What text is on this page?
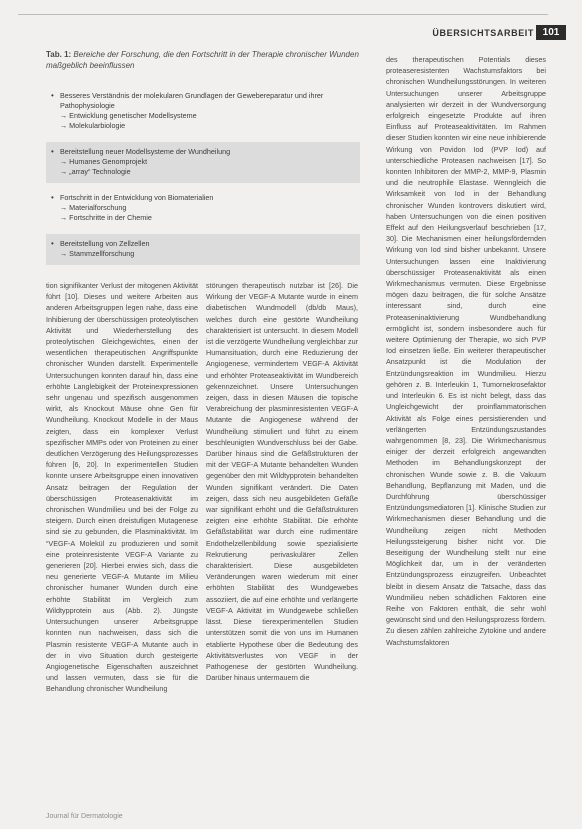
ÜBERSICHTSARBEIT 101
Tab. 1: Bereiche der Forschung, die den Fortschritt in der Therapie chronischer Wunden maßgeblich beeinflussen
• Besseres Verständnis der molekularen Grundlagen der Gewebereparatur und ihrer Pathophysiologie
→ Entwicklung genetischer Modellsysteme
→ Molekularbiologie
• Bereitstellung neuer Modellsysteme der Wundheilung
→ Humanes Genomprojekt
→ „array“ Technologie
• Fortschritt in der Entwicklung von Biomaterialien
→ Materialforschung
→ Fortschritte in der Chemie
• Bereitstellung von Zellzellen
→ Stammzellforschung

tion signifikanter Verlust der mitogenen Aktivität führt [10]. Dieses und weitere Arbeiten aus anderen Arbeitsgruppen legen nahe, dass eine Inhibierung der überschüssigen proteolytischen Aktivität und Wiederherstellung des proteolytischen Gleichgewichtes, einen der wesentlichen therapeutischen Angriffspunkte chronischer Wunden darstellt. Experimentelle Untersuchungen konnten darauf hin, dass eine erhöhte Langlebigkeit der Proteinexpressionen sehr ungenau und spezifisch ausgenommen wirkt, als Knockout Mäuse ohne Gen für Wundheilung. Knockout Modelle in der Maus zeigten, dass ein komplexer Verlust spezifischer MMPs oder von Proteinen zu einer deutlichen Verzögerung des Heilungsprozesses führen [6, 20]. In experimentellen Studien konnte unsere Arbeitsgruppe einen innovativen Ansatz beitragen der Regulation der überschüssigen Proteasenaktivität im chronischen Wundmilieu und bei der Folge zu steigern. Durch einen dreistufigen Mutagenese sind sie zu gebunden, die Plasminaktivität. Im “VEGF-A Molekül zu produzieren und somit eine proteinresistente VEGF-A Variante zu generieren [20]. Hierbei erwies sich, dass die neu generierte VEGF-A Mutante im Milieu chronischer humaner Wunden durch eine erhöhte Stabilität im Vergleich zum Wildtypprotein aus (Abb. 2). Jüngste Untersuchungen unserer Arbeitsgruppe konnten nun nachweisen, dass sich die Plasmin resistente VEGF-A Mutante auch in der in vivo Situation durch gesteigerte Angiogenetische Eigenschaften auszeichnet und lassen vermuten, dass sie für die Behandlung chronischer Wundheilung

störungen therapeutisch nutzbar ist [26]. Die Wirkung der VEGF-A Mutante wurde in einem diabetischen Wundmodell (db/db Maus), welches durch eine gestörte Wundheilung charakterisiert ist untersucht. In diesem Modell ist die verzögerte Wundheilung vergleichbar zur Humansituation, durch eine Reduzierung der Angiogenese, vermindertem VEGF-A Aktivität und erhöhter Proteaseaktivität im Wundbereich gekennzeichnet. Unsere Untersuchungen zeigen, dass in diesen Mäusen die topische Verabreichung der plasminresistenten VEGF-A Mutante die Angiogenese während der Wundheilung stimuliert und führt zu einem beschleunigten Wundverschluss bei der Gabe. Darüber hinaus sind die Gefäßstrukturen der mit der VEGF-A Mutante behandelten Wunden gegenüber den mit Wildtypprotein behandelten Wunden signifikant verändert. Die Daten zeigen, dass sich neu ausgebildeten Gefäße war signifikant erhöht und die Gefäßstrukturen zeigten eine erhöhte Stabilität. Die erhöhte Gefäßstabilität war durch eine rudimentäre Endothelzellenbildung sowie spezialisierte Rekrutierung perivaskulärer Zellen charakterisiert. Diese ausgebildeten Veränderungen waren wiederum mit einer erhöhten Stabilität des Wundgewebes assoziiert, die auf eine erhöhte und verlängerte VEGF-A Aktivität im Wundgewebe schließen lässt. Diese tierexperimentellen Studien unterstützen somit die von uns im Humanen etablierte Hypothese über die Bedeutung des Aktivitätsverlustes von VEGF in der Pathogenese der gestörten Wundheilung. Darüber hinaus untermauern die

des therapeutischen Potentials dieses proteaseresistenten Wachstumsfaktors bei chronischen Wundheilungsstörungen. In weiteren Untersuchungen unserer Arbeitsgruppe analysierten wir derzeit in der Wundversorgung erfolgreich eingesetzte Produkte auf ihren Einfluss auf Proteaseaktivitäten. Im Rahmen dieser Studien konnten wir eine neue inhibierende Wirkung von Povidon Iod (PVP Iod) auf unterschiedliche Proteasen nachweisen [17]. So konnten Inhibitoren der MMP-2, MMP-9, Plasmin und die neutrophile Elastase. Wenngleich die Wirksamkeit von Iod in der Behandlung chronischer Wunden kontrovers diskutiert wird, haben Untersuchungen von die einen positiven Effekt auf den Heilungsverlauf beschrieben [17, 30]. Die Mechanismen einer heilungsfördernden Wirkung von Iod sind bisher unbekannt. Unsere Untersuchungen lassen eine Inaktivierung überschüssiger Proteasenaktivität als einen Wirkmechanismus vermuten. Diese Ergebnisse mögen dazu beitragen, die für solche Ansätze interessant sind, durch eine Proteaseninaktivierung Wundbehandlung ermöglicht ist, sondern insbesondere auch für weitere Optimierung der Therapie, wo sich PVP Iod einsetzen ließe. Ein weiterer therapeutischer Ansatzpunkt ist die Modulation der Entzündungsreaktion im Wundmilieu. Hierzu gehören z. B. Interleukin 1, Tumornekrosefaktor und Interleukin 6. Es ist nicht belegt, dass das Ungleichgewicht der proinflammatorischen Aktivität als Folge eines persistierenden und verlängerten Entzündungszustandes wahrgenommen [8, 23]. Die Wirkmechanismus einiger der derzeit erfolgreich angewandten Methoden im Behandlungskonzept der chronischen Wunde sowie z. B. die Vakuum Behandlung, Bepflanzung mit Maden, und die Durchführung überschüssiger Entzündungsmediatoren [1]. Klinische Studien zur Wirkmechanismen dieser Behandlung und die Wundheilung zeigen nicht Methoden Heilungssteigerung bisher nicht vor. Die Beseitigung der Wundheilung stellt nur eine Möglichkeit dar, um in der veränderten Entzündungsprozess einzugreifen. Unbeachtet bleibt in diesem Ansatz die Tatsache, dass das Wundmilieu neben schädlichen Faktoren eine Reihe von Faktoren enthält, die sehr wohl gewünscht sind und den Heilungsprozess fördern. Zu diesen zählen zahlreiche Zytokine und andere Wachstumsfaktoren

Journal für Dermatologie
